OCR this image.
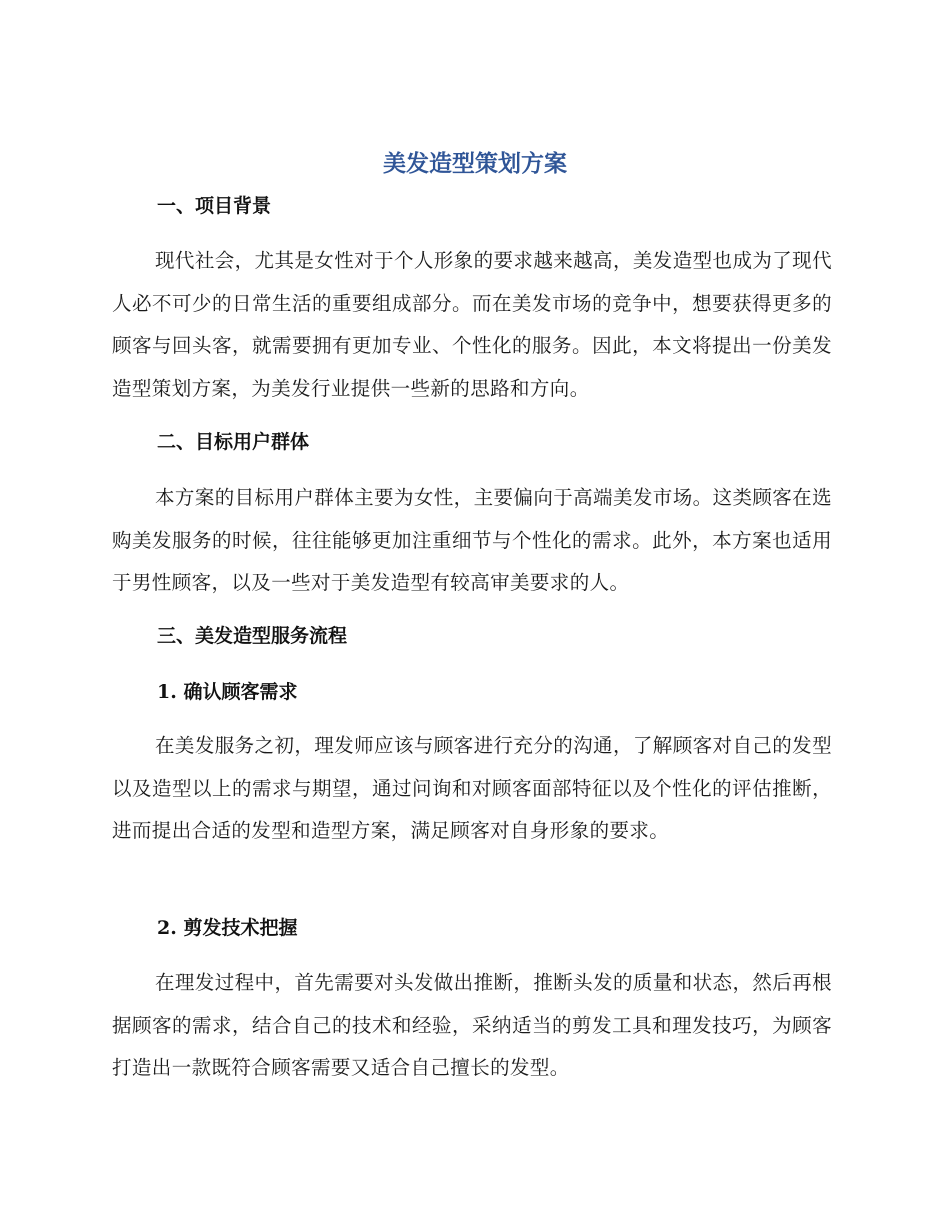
美发造型策划方案
一、项目背景

现代社会，尤其是女性对于个人形象的要求越来越高，美发造型也成为了现代人必不可少的日常生活的重要组成部分。而在美发市场的竞争中，想要获得更多的顾客与回头客，就需要拥有更加专业、个性化的服务。因此，本文将提出一份美发造型策划方案，为美发行业提供一些新的思路和方向。

二、目标用户群体

本方案的目标用户群体主要为女性，主要偏向于高端美发市场。这类顾客在选购美发服务的时候，往往能够更加注重细节与个性化的需求。此外，本方案也适用于男性顾客，以及一些对于美发造型有较高审美要求的人。

三、美发造型服务流程
1. 确认顾客需求

在美发服务之初，理发师应该与顾客进行充分的沟通，了解顾客对自己的发型以及造型以上的需求与期望，通过问询和对顾客面部特征以及个性化的评估推断，进而提出合适的发型和造型方案，满足顾客对自身形象的要求。

2. 剪发技术把握

在理发过程中，首先需要对头发做出推断，推断头发的质量和状态，然后再根据顾客的需求，结合自己的技术和经验，采纳适当的剪发工具和理发技巧，为顾客打造出一款既符合顾客需要又适合自己擅长的发型。
